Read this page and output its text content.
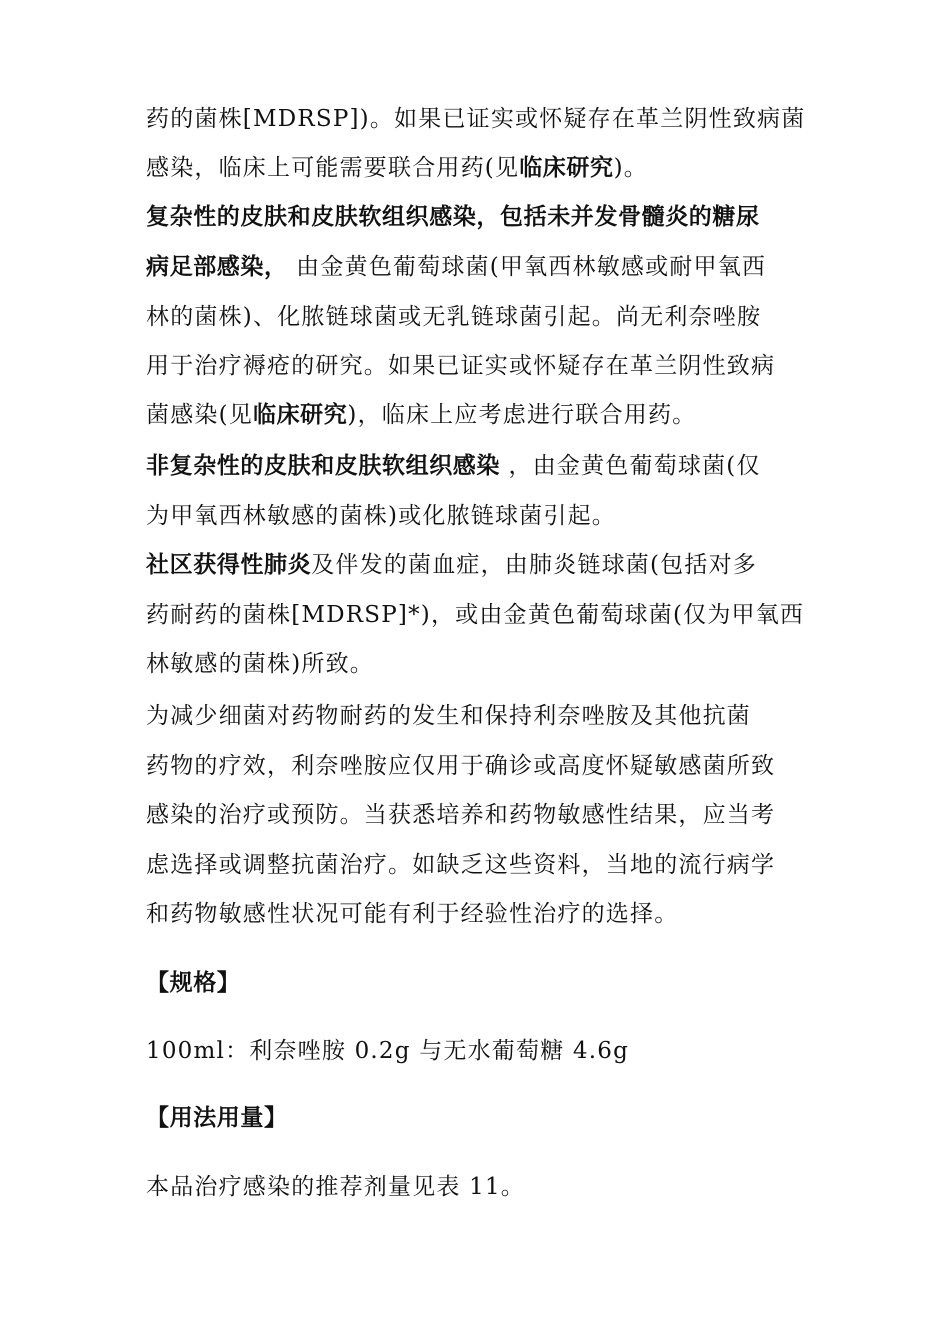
药的菌株[MDRSP])。如果已证实或怀疑存在革兰阴性致病菌
感染，临床上可能需要联合用药(见临床研究)。
复杂性的皮肤和皮肤软组织感染，包括未并发骨髓炎的糖尿
病足部感染， 由金黄色葡萄球菌(甲氧西林敏感或耐甲氧西
林的菌株)、化脓链球菌或无乳链球菌引起。尚无利奈唑胺
用于治疗褥疮的研究。如果已证实或怀疑存在革兰阴性致病
菌感染(见临床研究)，临床上应考虑进行联合用药。
非复杂性的皮肤和皮肤软组织感染 ，由金黄色葡萄球菌(仅
为甲氧西林敏感的菌株)或化脓链球菌引起。
社区获得性肺炎及伴发的菌血症，由肺炎链球菌(包括对多
药耐药的菌株[MDRSP]*)，或由金黄色葡萄球菌(仅为甲氧西
林敏感的菌株)所致。
为减少细菌对药物耐药的发生和保持利奈唑胺及其他抗菌
药物的疗效，利奈唑胺应仅用于确诊或高度怀疑敏感菌所致
感染的治疗或预防。当获悉培养和药物敏感性结果，应当考
虑选择或调整抗菌治疗。如缺乏这些资料，当地的流行病学
和药物敏感性状况可能有利于经验性治疗的选择。
【规格】
100ml：利奈唑胺 0.2g 与无水葡萄糖 4.6g
【用法用量】
本品治疗感染的推荐剂量见表 11。
